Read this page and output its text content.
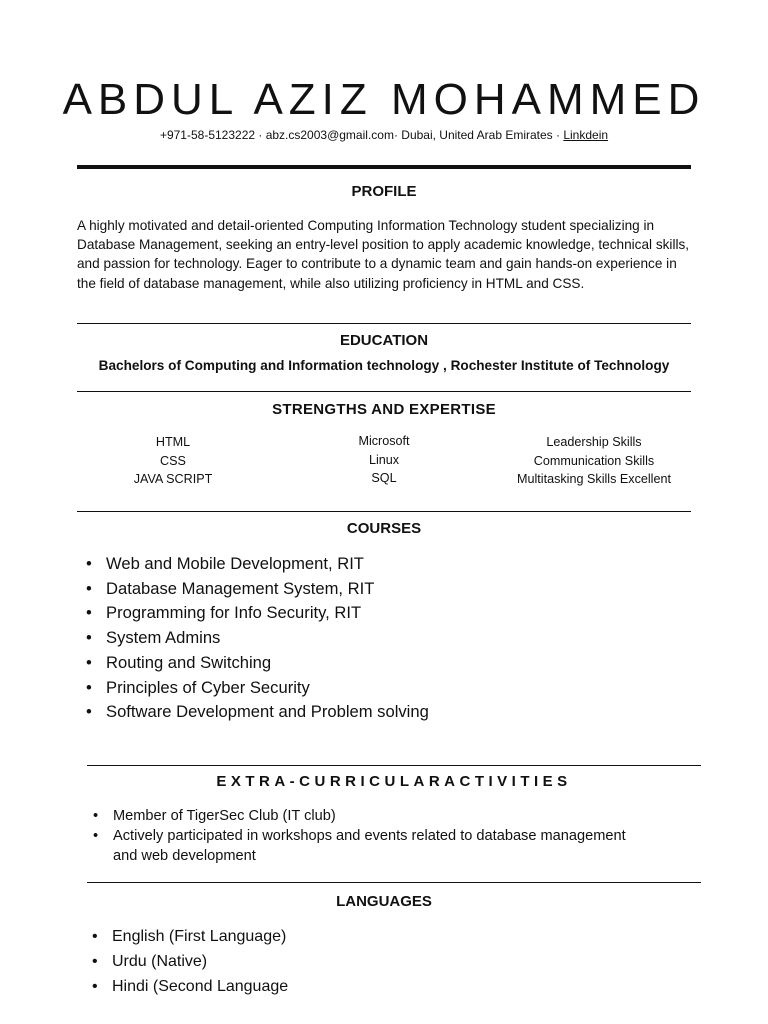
ABDUL AZIZ MOHAMMED
+971-58-5123222 · abz.cs2003@gmail.com· Dubai, United Arab Emirates · Linkdein
PROFILE
A highly motivated and detail-oriented Computing Information Technology student specializing in Database Management, seeking an entry-level position to apply academic knowledge, technical skills, and passion for technology. Eager to contribute to a dynamic team and gain hands-on experience in the field of database management, while also utilizing proficiency in HTML and CSS.
EDUCATION
Bachelors of Computing and Information technology , Rochester Institute of Technology
STRENGTHS AND EXPERTISE
HTML
CSS
JAVA SCRIPT
Microsoft
Linux
SQL
Leadership Skills
Communication Skills
Multitasking Skills Excellent
COURSES
• Web and Mobile Development, RIT
• Database Management System, RIT
• Programming for Info Security, RIT
• System Admins
• Routing and Switching
• Principles of Cyber Security
• Software Development and Problem solving
EXTRA-CURRICULARACTIVITIES
• Member of TigerSec Club (IT club)
• Actively participated in workshops and events related to database management and web development
LANGUAGES
• English (First Language)
• Urdu (Native)
• Hindi (Second Language
